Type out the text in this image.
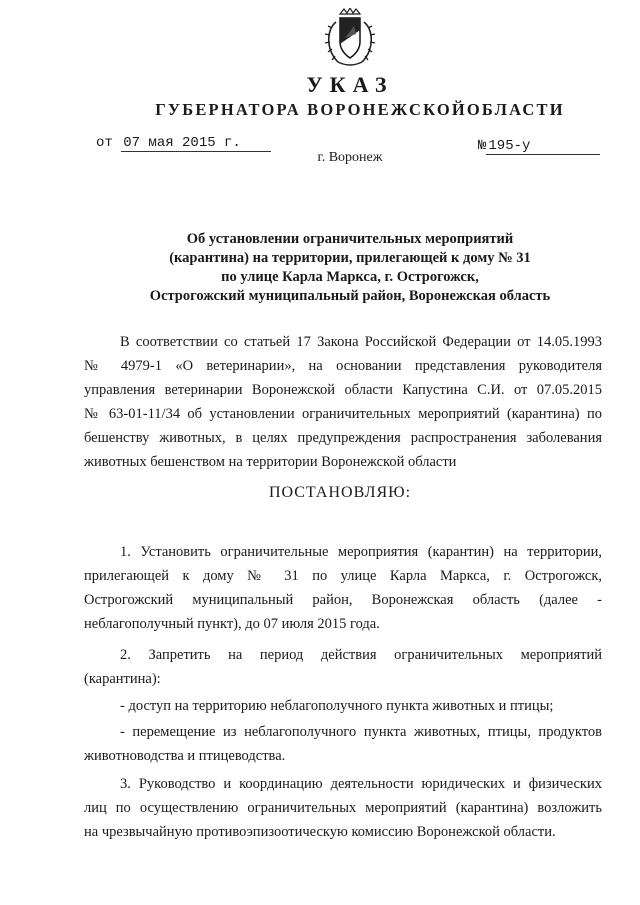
УКАЗ
ГУБЕРНАТОРА ВОРОНЕЖСКОЙОБЛАСТИ
от 07 мая 2015 г.	№ 195-у
г. Воронеж
Об установлении ограничительных мероприятий
(карантина) на территории, прилегающей к дому № 31
по улице Карла Маркса, г. Острогожск,
Острогожский муниципальный район, Воронежская область
В соответствии со статьей 17 Закона Российской Федерации от 14.05.1993
№ 4979-1 «О ветеринарии», на основании представления руководителя
управления ветеринарии Воронежской области Капустина С.И. от 07.05.2015
№ 63-01-11/34 об установлении ограничительных мероприятий (карантина) по
бешенству животных, в целях предупреждения распространения заболевания
животных бешенством на территории Воронежской области
ПОСТАНОВЛЯЮ:
1. Установить ограничительные мероприятия (карантин) на территории,
прилегающей к дому № 31 по улице Карла Маркса, г. Острогожск,
Острогожский муниципальный район, Воронежская область (далее -
неблагополучный пункт), до 07 июля 2015 года.
2. Запретить на период действия ограничительных мероприятий
(карантина):
- доступ на территорию неблагополучного пункта животных и птицы;
- перемещение из неблагополучного пункта животных, птицы, продуктов
животноводства и птицеводства.
3. Руководство и координацию деятельности юридических и физических
лиц по осуществлению ограничительных мероприятий (карантина) возложить
на чрезвычайную противоэпизоотическую комиссию Воронежской области.
